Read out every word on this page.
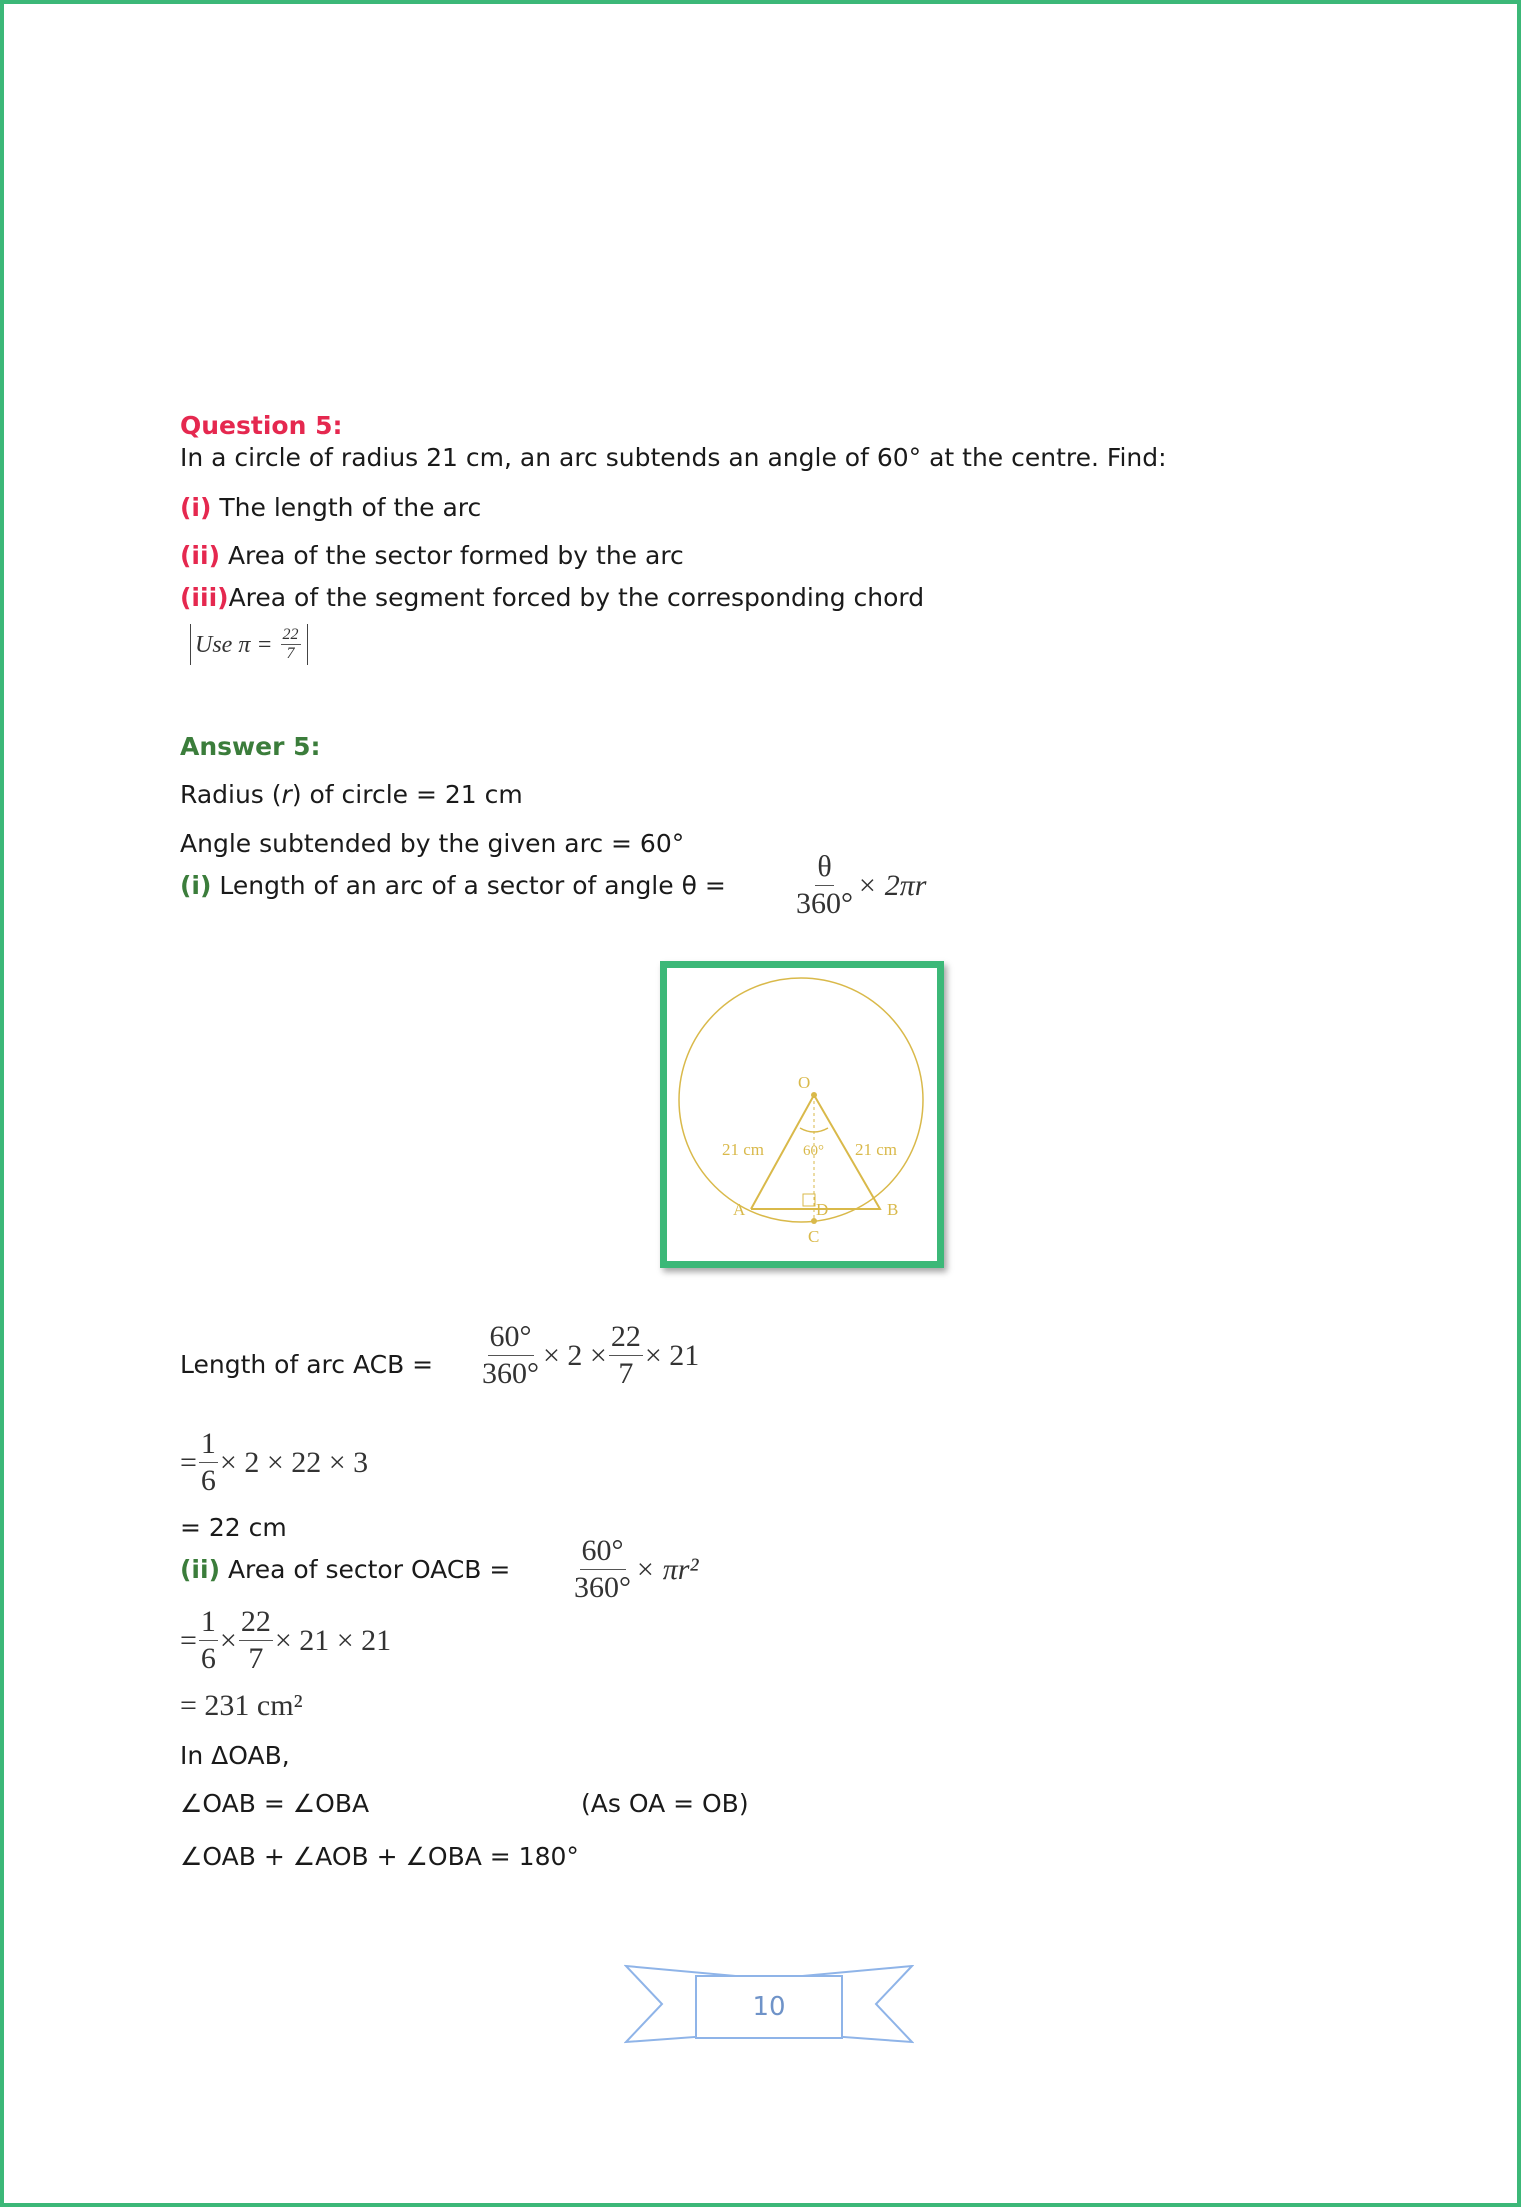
Question 5:
In a circle of radius 21 cm, an arc subtends an angle of 60° at the centre. Find:
(i) The length of the arc
(ii) Area of the sector formed by the arc
(iii)Area of the segment forced by the corresponding chord
Use π =
$\frac{22}{7}$
Answer 5:
Radius (r) of circle = 21 cm
Angle subtended by the given arc = 60°
(i) Length of an arc of a sector of angle $\theta = \frac{\theta}{360^\circ} \times 2\pi r$
O
A	B
C
D
21 cm	21 cm
60°
Length of arc ACB = $\frac{60^\circ}{360^\circ} \times 2 \times \frac{22}{7} \times 21$
= $\frac{1}{6} \times 2 \times 22 \times 3$
= 22 cm
(ii) Area of sector OACB = $\frac{60^\circ}{360^\circ} \times \pi r^2$
= $\frac{1}{6} \times \frac{22}{7} \times 21 \times 21$
= 231 cm²
In ΔOAB,
∠OAB = ∠OBA	(As OA = OB)
∠OAB + ∠AOB + ∠OBA = 180°
10
